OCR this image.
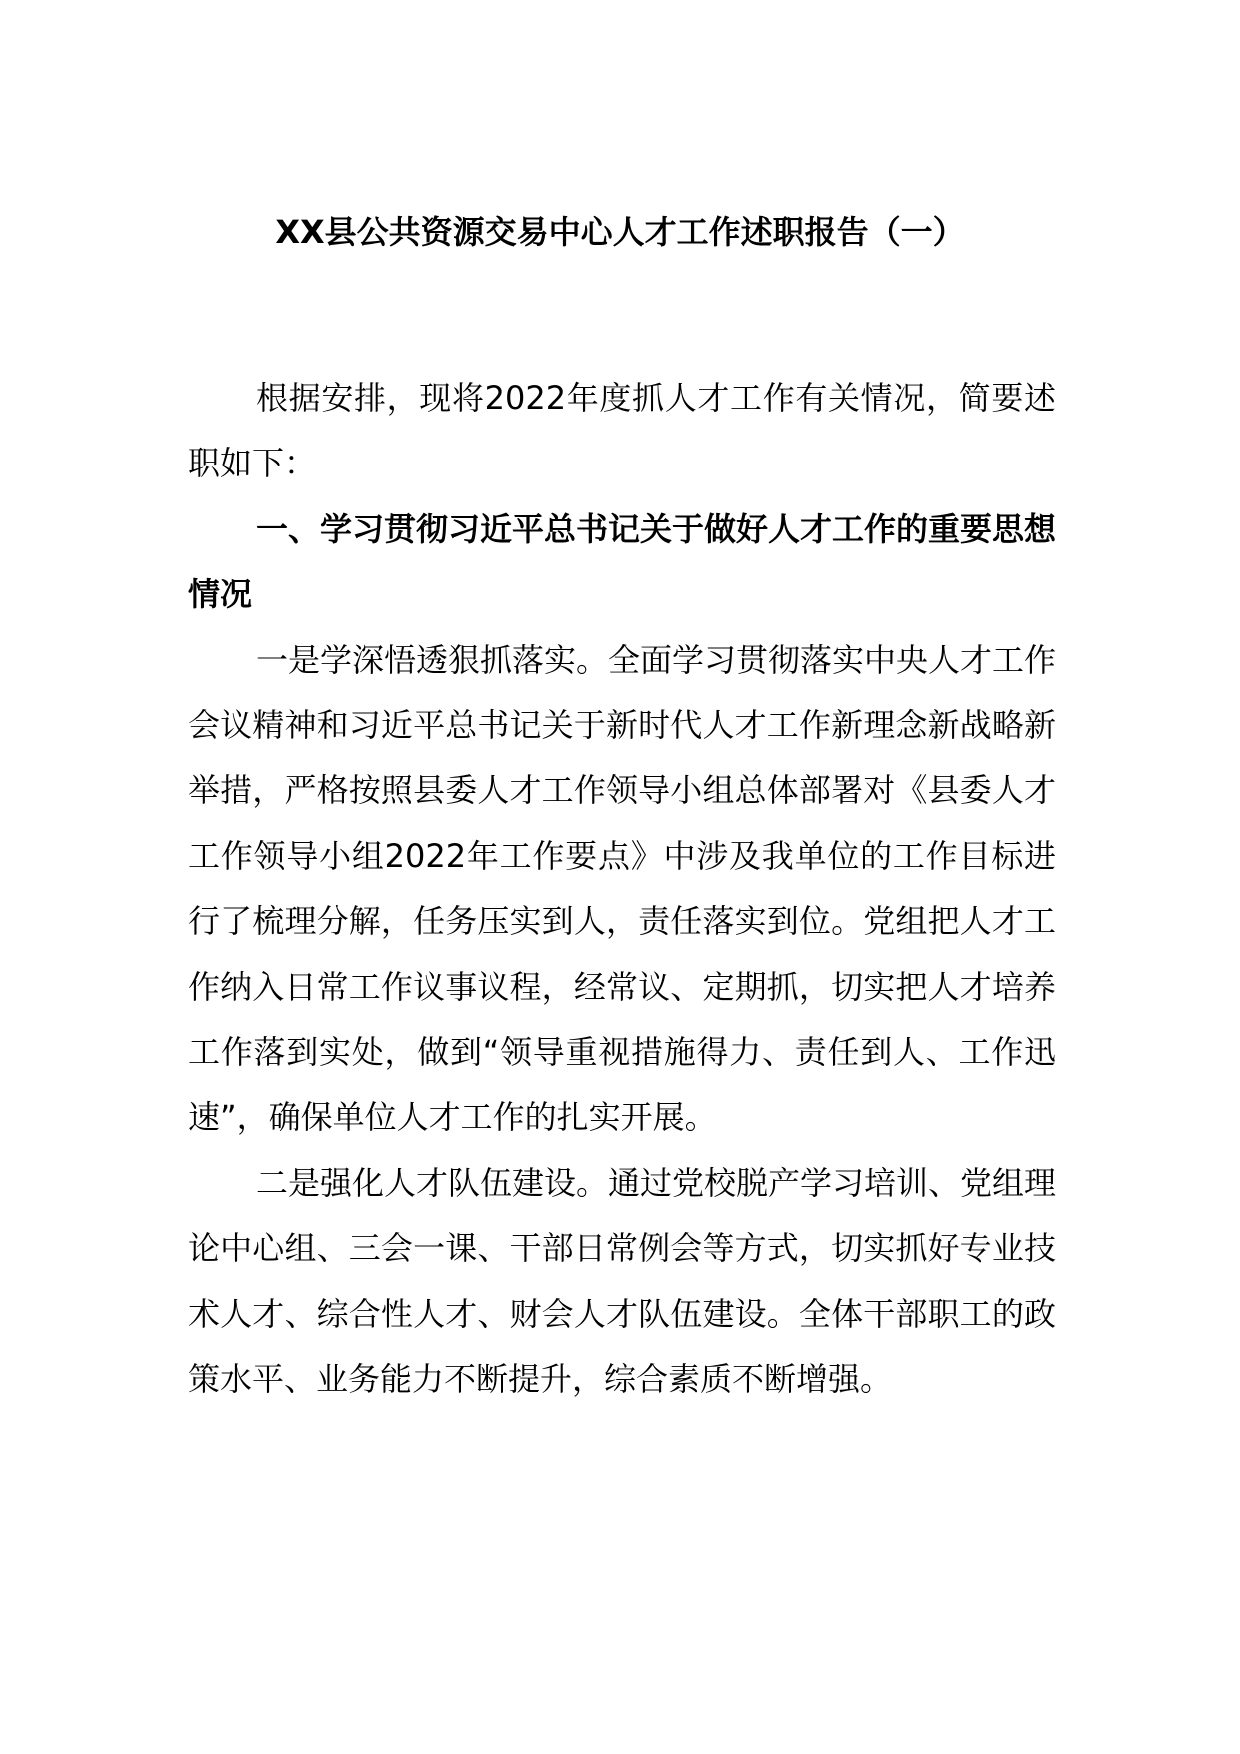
XX县公共资源交易中心人才工作述职报告（一）

根据安排，现将2022年度抓人才工作有关情况，简要述职如下：

一、学习贯彻习近平总书记关于做好人才工作的重要思想情况

一是学深悟透狠抓落实。全面学习贯彻落实中央人才工作会议精神和习近平总书记关于新时代人才工作新理念新战略新举措，严格按照县委人才工作领导小组总体部署对《县委人才工作领导小组2022年工作要点》中涉及我单位的工作目标进行了梳理分解，任务压实到人，责任落实到位。党组把人才工作纳入日常工作议事议程，经常议、定期抓，切实把人才培养工作落到实处，做到“领导重视措施得力、责任到人、工作迅速”，确保单位人才工作的扎实开展。

二是强化人才队伍建设。通过党校脱产学习培训、党组理论中心组、三会一课、干部日常例会等方式，切实抓好专业技术人才、综合性人才、财会人才队伍建设。全体干部职工的政策水平、业务能力不断提升，综合素质不断增强。
